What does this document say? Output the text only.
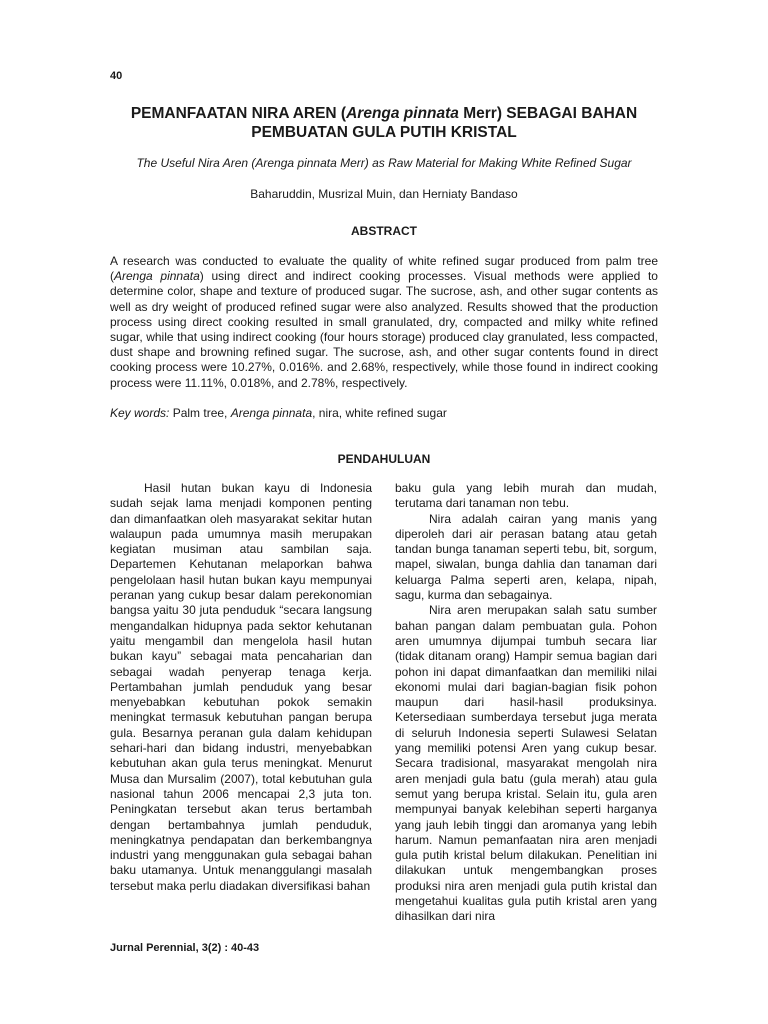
40
PEMANFAATAN NIRA AREN (Arenga pinnata Merr) SEBAGAI BAHAN
PEMBUATAN GULA PUTIH KRISTAL
The Useful Nira Aren (Arenga pinnata Merr) as Raw Material for Making White Refined Sugar
Baharuddin, Musrizal Muin, dan Herniaty Bandaso
ABSTRACT
A research was conducted to evaluate the quality of white refined sugar produced from palm tree (Arenga pinnata) using direct and indirect cooking processes. Visual methods were applied to determine color, shape and texture of produced sugar. The sucrose, ash, and other sugar contents as well as dry weight of produced refined sugar were also analyzed. Results showed that the production process using direct cooking resulted in small granulated, dry, compacted and milky white refined sugar, while that using indirect cooking (four hours storage) produced clay granulated, less compacted, dust shape and browning refined sugar. The sucrose, ash, and other sugar contents found in direct cooking process were 10.27%, 0.016%. and 2.68%, respectively, while those found in indirect cooking process were 11.11%, 0.018%, and 2.78%, respectively.
Key words: Palm tree, Arenga pinnata, nira, white refined sugar
PENDAHULUAN

Hasil hutan bukan kayu di Indonesia sudah sejak lama menjadi komponen penting dan dimanfaatkan oleh masyarakat sekitar hutan walaupun pada umumnya masih merupakan kegiatan musiman atau sambilan saja. Departemen Kehutanan melaporkan bahwa pengelolaan hasil hutan bukan kayu mempunyai peranan yang cukup besar dalam perekonomian bangsa yaitu 30 juta penduduk “secara langsung mengandalkan hidupnya pada sektor kehutanan yaitu mengambil dan mengelola hasil hutan bukan kayu” sebagai mata pencaharian dan sebagai wadah penyerap tenaga kerja. Pertambahan jumlah penduduk yang besar menyebabkan kebutuhan pokok semakin meningkat termasuk kebutuhan pangan berupa gula. Besarnya peranan gula dalam kehidupan sehari-hari dan bidang industri, menyebabkan kebutuhan akan gula terus meningkat. Menurut Musa dan Mursalim (2007), total kebutuhan gula nasional tahun 2006 mencapai 2,3 juta ton. Peningkatan tersebut akan terus bertambah dengan bertambahnya jumlah penduduk, meningkatnya pendapatan dan berkembangnya industri yang menggunakan gula sebagai bahan baku utamanya. Untuk menanggulangi masalah tersebut maka perlu diadakan diversifikasi bahan

baku gula yang lebih murah dan mudah, terutama dari tanaman non tebu.

Nira adalah cairan yang manis yang diperoleh dari air perasan batang atau getah tandan bunga tanaman seperti tebu, bit, sorgum, mapel, siwalan, bunga dahlia dan tanaman dari keluarga Palma seperti aren, kelapa, nipah, sagu, kurma dan sebagainya.

Nira aren merupakan salah satu sumber bahan pangan dalam pembuatan gula. Pohon aren umumnya dijumpai tumbuh secara liar (tidak ditanam orang) Hampir semua bagian dari pohon ini dapat dimanfaatkan dan memiliki nilai ekonomi mulai dari bagian-bagian fisik pohon maupun dari hasil-hasil produksinya. Ketersediaan sumberdaya tersebut juga merata di seluruh Indonesia seperti Sulawesi Selatan yang memiliki potensi Aren yang cukup besar. Secara tradisional, masyarakat mengolah nira aren menjadi gula batu (gula merah) atau gula semut yang berupa kristal. Selain itu, gula aren mempunyai banyak kelebihan seperti harganya yang jauh lebih tinggi dan aromanya yang lebih harum. Namun pemanfaatan nira aren menjadi gula putih kristal belum dilakukan. Penelitian ini dilakukan untuk mengembangkan proses produksi nira aren menjadi gula putih kristal dan mengetahui kualitas gula putih kristal aren yang dihasilkan dari nira

Jurnal Perennial, 3(2) : 40-43
